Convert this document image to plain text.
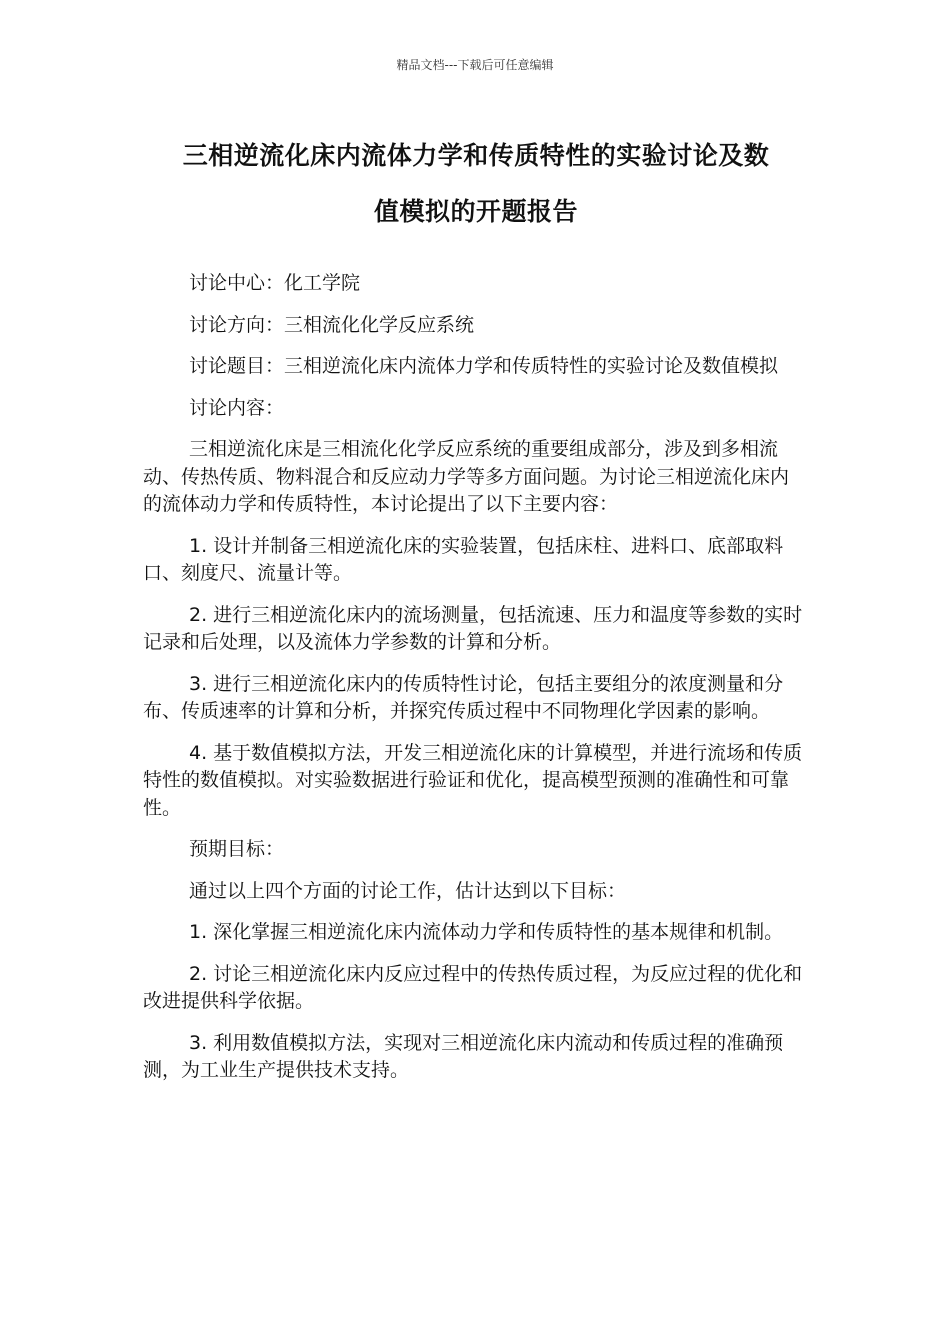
精品文档---下载后可任意编辑
三相逆流化床内流体力学和传质特性的实验讨论及数
值模拟的开题报告

讨论中心：化工学院

讨论方向：三相流化化学反应系统

讨论题目：三相逆流化床内流体力学和传质特性的实验讨论及数值模拟

讨论内容：

三相逆流化床是三相流化化学反应系统的重要组成部分，涉及到多相流动、传热传质、物料混合和反应动力学等多方面问题。为讨论三相逆流化床内的流体动力学和传质特性，本讨论提出了以下主要内容：

1. 设计并制备三相逆流化床的实验装置，包括床柱、进料口、底部取料口、刻度尺、流量计等。

2. 进行三相逆流化床内的流场测量，包括流速、压力和温度等参数的实时记录和后处理，以及流体力学参数的计算和分析。

3. 进行三相逆流化床内的传质特性讨论，包括主要组分的浓度测量和分布、传质速率的计算和分析，并探究传质过程中不同物理化学因素的影响。

4. 基于数值模拟方法，开发三相逆流化床的计算模型，并进行流场和传质特性的数值模拟。对实验数据进行验证和优化，提高模型预测的准确性和可靠性。

预期目标：

通过以上四个方面的讨论工作，估计达到以下目标：

1. 深化掌握三相逆流化床内流体动力学和传质特性的基本规律和机制。

2. 讨论三相逆流化床内反应过程中的传热传质过程，为反应过程的优化和改进提供科学依据。

3. 利用数值模拟方法，实现对三相逆流化床内流动和传质过程的准确预测，为工业生产提供技术支持。
